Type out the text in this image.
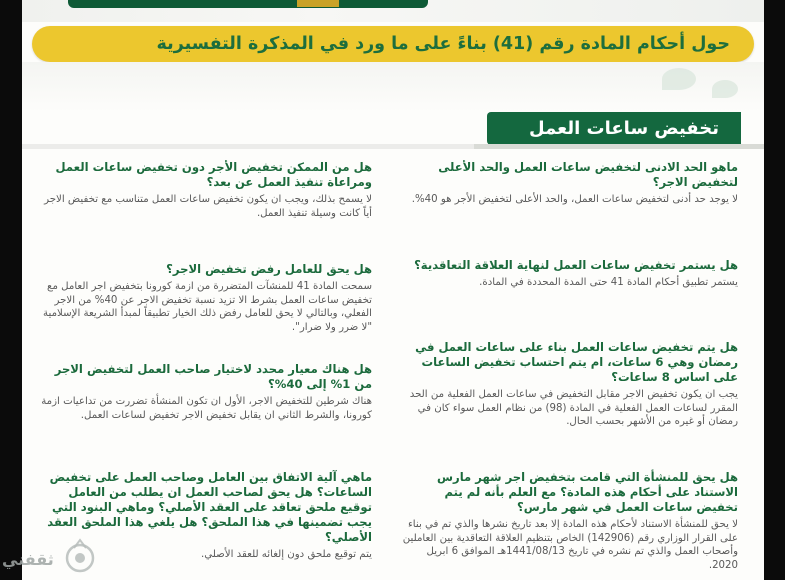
حول أحكام المادة رقم (41) بناءً على ما ورد في المذكرة التفسيرية
تخفيض ساعات العمل

ماهو الحد الادنى لتخفيض ساعات العمل والحد الأعلى لتخفيض الاجر؟

لا يوجد حد أدنى لتخفيض ساعات العمل، والحد الأعلى لتخفيض الأجر هو 40%.

هل يستمر تخفيض ساعات العمل لنهاية العلاقة التعاقدية؟

يستمر تطبيق أحكام المادة 41 حتى المدة المحددة في المادة.

هل يتم تخفيض ساعات العمل بناء على ساعات العمل في رمضان وهي 6 ساعات، ام يتم احتساب تخفيض الساعات على اساس 8 ساعات؟

يجب ان يكون تخفيض الاجر مقابل التخفيض في ساعات العمل الفعلية من الحد المقرر لساعات العمل الفعلية في المادة (98) من نظام العمل سواء كان في رمضان أو غيره من الأشهر بحسب الحال.

هل يحق للمنشأة التي قامت بتخفيض اجر شهر مارس الاستناد على أحكام هذه المادة؟ مع العلم بأنه لم يتم تخفيض ساعات العمل في شهر مارس؟

لا يحق للمنشأة الاستناد لأحكام هذه المادة إلا بعد تاريخ نشرها والذي تم في بناء على القرار الوزاري رقم (142906) الخاص بتنظيم العلاقة التعاقدية بين العاملين وأصحاب العمل والذي تم نشره في تاريخ 1441/08/13هـ الموافق 6 ابريل 2020.

هل من الممكن تخفيض الأجر دون تخفيض ساعات العمل ومراعاة تنفيذ العمل عن بعد؟

لا يسمح بذلك، ويجب ان يكون تخفيض ساعات العمل متناسب مع تخفيض الاجر أياً كانت وسيلة تنفيذ العمل.

هل يحق للعامل رفض تخفيض الاجر؟

سمحت المادة 41 للمنشآت المتضررة من ازمة كورونا بتخفيض اجر العامل مع تخفيض ساعات العمل بشرط الا تزيد نسبة تخفيض الاجر عن 40% من الاجر الفعلي، وبالتالي لا يحق للعامل رفض ذلك الخيار تطبيقاً لمبدأ الشريعة الإسلامية "لا ضرر ولا ضرار".

هل هناك معيار محدد لاختيار صاحب العمل لتخفيض الاجر من 1% إلى 40%؟

هناك شرطين للتخفيض الاجر، الأول ان تكون المنشأة تضررت من تداعيات ازمة كورونا، والشرط الثاني ان يقابل تخفيض الاجر تخفيض لساعات العمل.

ماهي آلية الاتفاق بين العامل وصاحب العمل على تخفيض الساعات؟ هل يحق لصاحب العمل ان يطلب من العامل توقيع ملحق تعاقد على العقد الأصلي؟ وماهي البنود التي يجب تضمينها في هذا الملحق؟ هل يلغي هذا الملحق العقد الأصلي؟

يتم توقيع ملحق دون إلغائه للعقد الأصلي.

ثقفني
